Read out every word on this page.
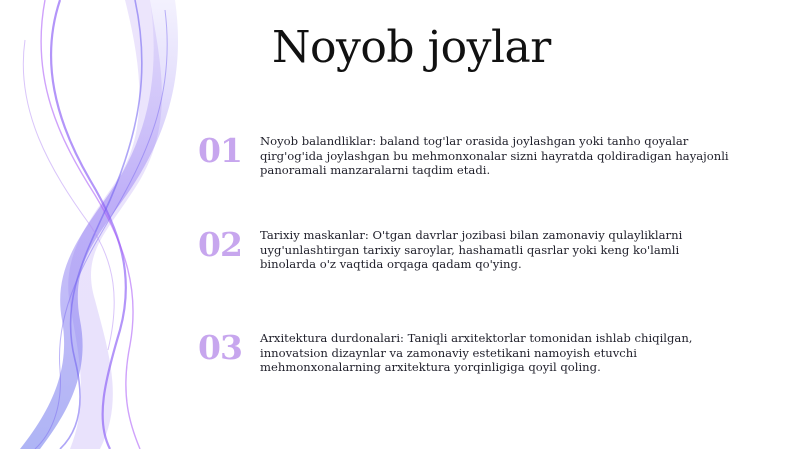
Noyob joylar
01	Noyob balandliklar: baland tog'lar orasida joylashgan yoki tanho qoyalar qirg'og'ida joylashgan bu mehmonxonalar sizni hayratda qoldiradigan hayajonli panoramali manzaralarni taqdim etadi.
02	Tarixiy maskanlar: O'tgan davrlar jozibasi bilan zamonaviy qulayliklarni uyg'unlashtirgan tarixiy saroylar, hashamatli qasrlar yoki keng ko'lamli binolarda o'z vaqtida orqaga qadam qo'ying.
03	Arxitektura durdonalari: Taniqli arxitektorlar tomonidan ishlab chiqilgan, innovatsion dizaynlar va zamonaviy estetikani namoyish etuvchi mehmonxonalarning arxitektura yorqinligiga qoyil qoling.
